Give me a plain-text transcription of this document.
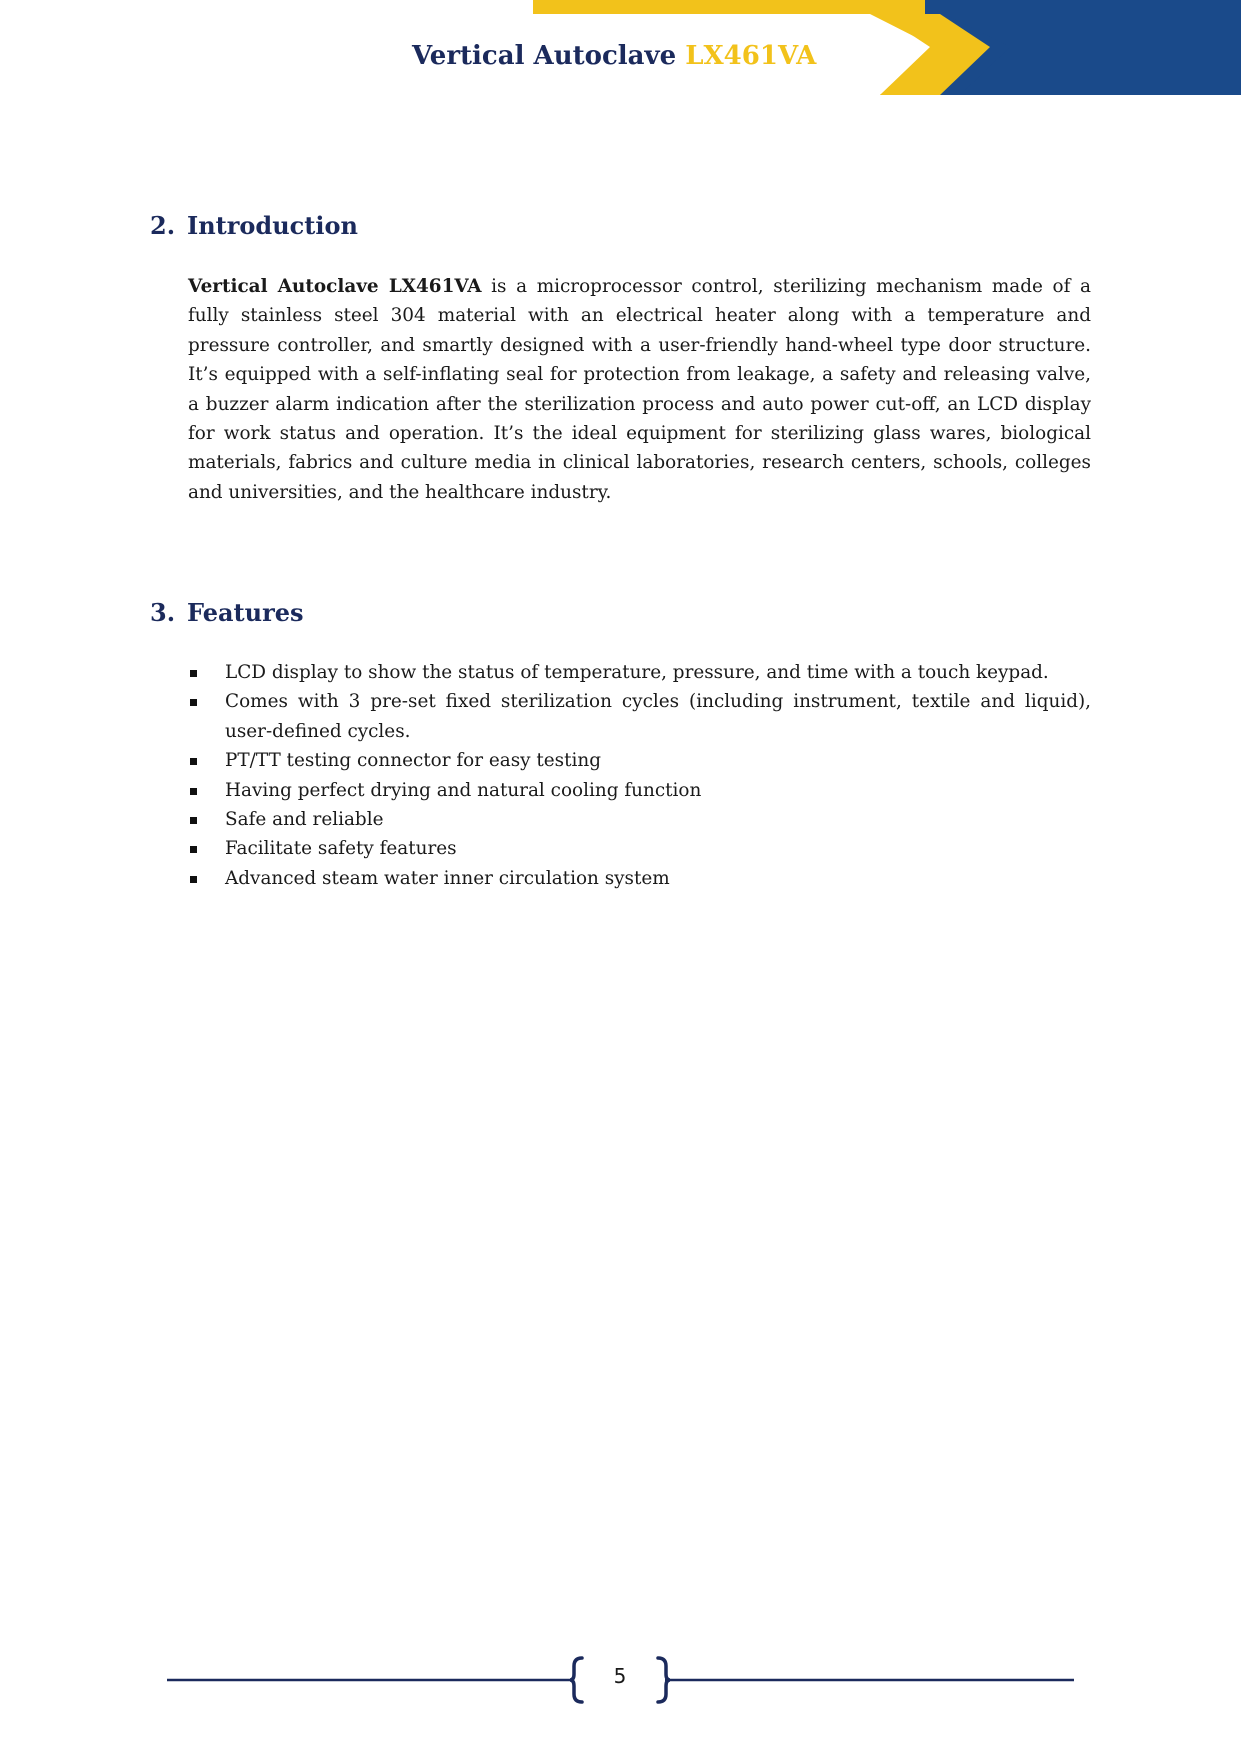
Vertical Autoclave LX461VA
2. Introduction

Vertical Autoclave LX461VA is a microprocessor control, sterilizing mechanism made of a fully stainless steel 304 material with an electrical heater along with a temperature and pressure controller, and smartly designed with a user-friendly hand-wheel type door structure. It’s equipped with a self-inflating seal for protection from leakage, a safety and releasing valve, a buzzer alarm indication after the sterilization process and auto power cut-off, an LCD display for work status and operation. It’s the ideal equipment for sterilizing glass wares, biological materials, fabrics and culture media in clinical laboratories, research centers, schools, colleges and universities, and the healthcare industry.

3. Features
LCD display to show the status of temperature, pressure, and time with a touch keypad.
Comes with 3 pre-set fixed sterilization cycles (including instrument, textile and liquid), user-defined cycles.
PT/TT testing connector for easy testing
Having perfect drying and natural cooling function
Safe and reliable
Facilitate safety features
Advanced steam water inner circulation system
5
